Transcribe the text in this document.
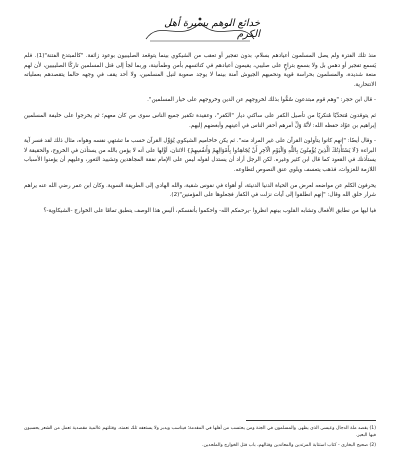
خدائع الوهم بسيرة أهل الكرم

منذ تلك الفترة ولم يصل المسلمون أعيادهم بسلام، بدون تفجير أو تعقب من الشيكوي بينما يتوقعد الصليبيون بوعود زائفة. "كالمبتدع الفتنة"(1). فلم يَسمع تفجير أو دهس بل ولا بسمع بتراخٍ على صليبي، يقيمون أعيادهم في كنائسهم بأمن وطمأنينة، وربما لجأ إلى قتل المسلمين تاركًا الصليبيين، لأن لهم منعة شديدة، والمسلمون بحراسة قوية ونحميهم الجيوش آمنة بينما لا يوجد صعوبة لنيل المسلمين، ولا أحد يقف في وجهه حالما يتقصدهم بعملياته الانتحارية.

- قال ابن حجر: "وهم قوم مبتدعون سُمُّوا بذلك لخروجهم عن الدين وخروجهم على خيار المسلمين".

ثم يتوقدون مُتحدِّيًا مُنكريًا من تأصيل الكفر على ساكني ديار "الكفر"، وعقيدة تكفير جميع الناس سوى من كان معهم؛ ثم يخرجوا على خليفة المسلمين إبراهيم بن عوّاد حفظه الله: لأنَّهُ وَلِّ أمرهم أحقر الناس في أعينهم وأبغضهم إليهم.

- وقال أيضًا: "إنهم كانوا يتأولون القرآن على غير المراد منه". ثم يكن خاخاميم الشيكوي يُؤوِّل القرآن حسب ما تشتهي نفسه وهواه، مثال ذلك لقد فسر آية البراءة {لَا يَسْتَأْذِنُكَ الَّذِينَ يُؤْمِنُونَ بِاللَّهِ وَالْيَوْمِ الْآخِرِ أَنْ يُجَاهِدُوا بِأَمْوَالِهِمْ وَأَنفُسِهِمْ} الاثنان، أوَّلها على أنه لا يؤمن بالله من يستأذن في الخروج، والحقيقة لا يستأذنك في القعود كما قال ابن كثير وغيره. لكن الرجل أراد أن يستدل لقوله ليس على الإمام نفقة المجاهدين وتشييد الثغور، وعليهم أن يؤمنوا الأسباب اللازمة للغزوات، فذهب يتعسف ويلوي عنق النصوص لتطاوعه.

يحرفون الكلم عن مواضعه لعرض من الحياة الدنيا الدنيئة، أو أهواء في نفوس شقية، والله الهادي إلى الطريقة السوية. وكان ابن عمر رضي الله عنه يراهم شرار خلق الله وقال: "إنهم انطلقوا إلى آيات نزلت في الكفار فجعلوها على المؤمنين"(2).

فيا ليها من نطابق الأفعال وتشابه القلوب بينهم انظروا -يرحمكم الله- واحكموا بأنفسكم، أليس هذا الوصف ينطبق تمامًا على الخوارج -الشيكاوية-؟

(1) يقصد ملة الدجال وعيسى الذي يظهر. والمسلمون في الجنة ومن يحتسب من أهلها في المقدمة؛ فيناسب ويدبر ولا يستعفه تلك نعمته. وقتلتهم عالمية مقصدية تعمل من الشعر يحسبون فيها البعير.

(2) صحيح البخاري - كتاب استتابة المرتدين والمعاندين وقتالهم، باب قتل الخوارج والملحدين.
